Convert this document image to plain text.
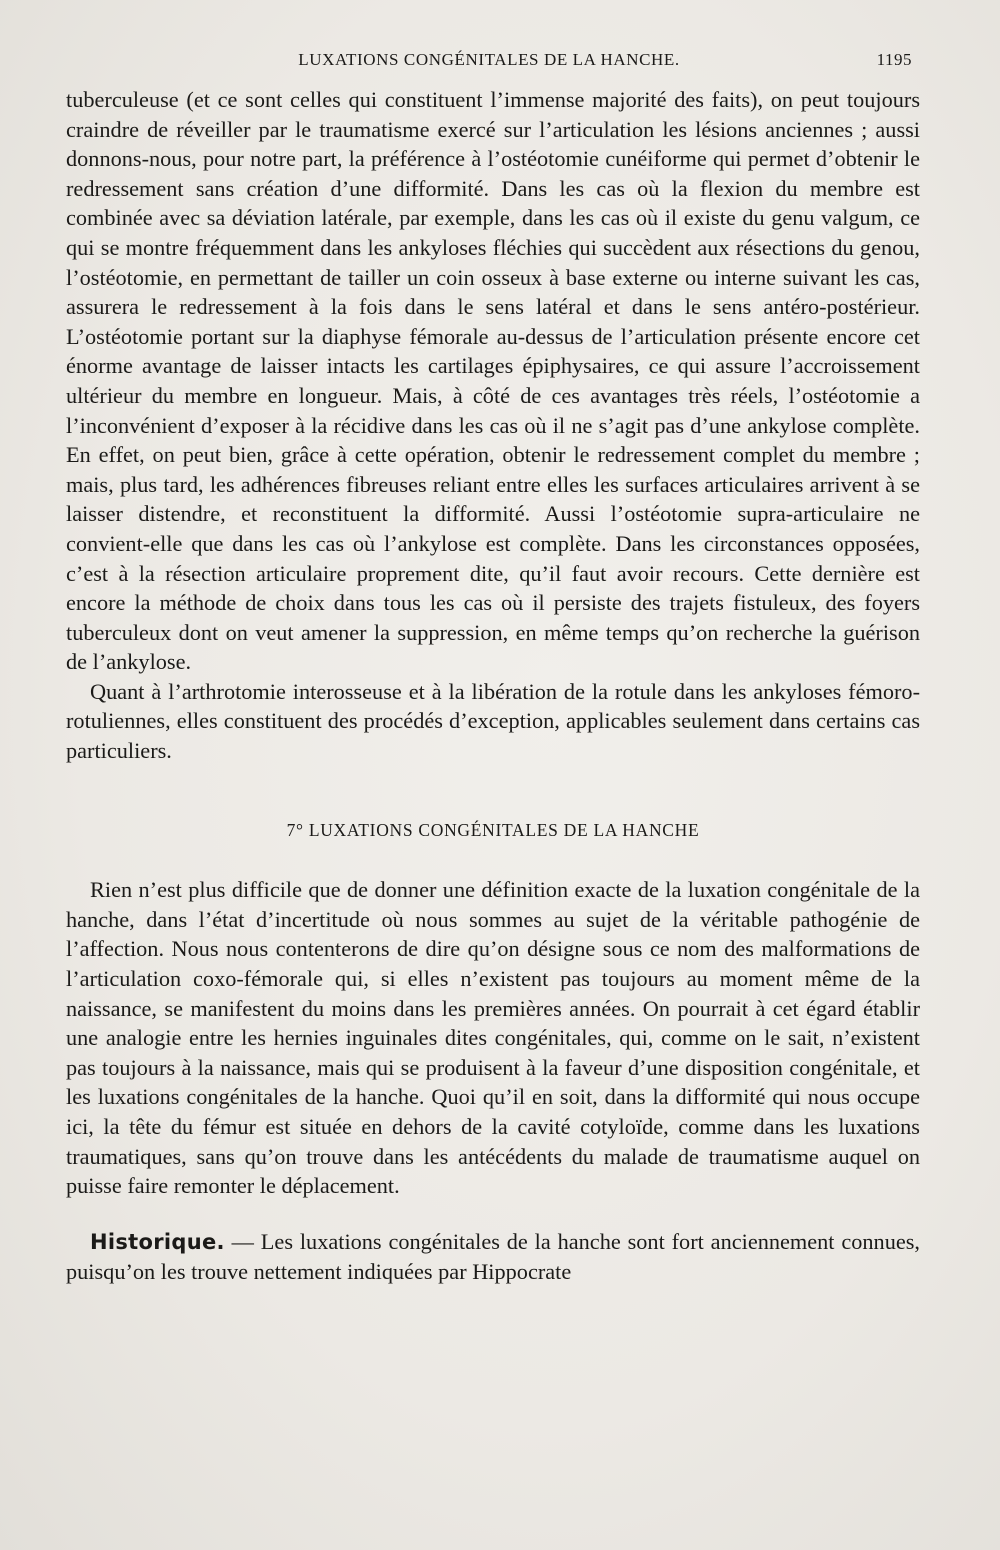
LUXATIONS CONGÉNITALES DE LA HANCHE.	1195

tuberculeuse (et ce sont celles qui constituent l’immense majorité des faits), on peut toujours craindre de réveiller par le traumatisme exercé sur l’articulation les lésions anciennes ; aussi donnons-nous, pour notre part, la préférence à l’ostéotomie cunéiforme qui permet d’obtenir le redressement sans création d’une difformité. Dans les cas où la flexion du membre est combinée avec sa déviation latérale, par exemple, dans les cas où il existe du genu valgum, ce qui se montre fréquemment dans les ankyloses fléchies qui succèdent aux résections du genou, l’ostéotomie, en permettant de tailler un coin osseux à base externe ou interne suivant les cas, assurera le redressement à la fois dans le sens latéral et dans le sens antéro-postérieur. L’ostéotomie portant sur la diaphyse fémorale au-dessus de l’articulation présente encore cet énorme avantage de laisser intacts les cartilages épiphysaires, ce qui assure l’accroissement ultérieur du membre en longueur. Mais, à côté de ces avantages très réels, l’ostéotomie a l’inconvénient d’exposer à la récidive dans les cas où il ne s’agit pas d’une ankylose complète. En effet, on peut bien, grâce à cette opération, obtenir le redressement complet du membre ; mais, plus tard, les adhérences fibreuses reliant entre elles les surfaces articulaires arrivent à se laisser distendre, et reconstituent la difformité. Aussi l’ostéotomie supra-articulaire ne convient-elle que dans les cas où l’ankylose est complète. Dans les circonstances opposées, c’est à la résection articulaire proprement dite, qu’il faut avoir recours. Cette dernière est encore la méthode de choix dans tous les cas où il persiste des trajets fistuleux, des foyers tuberculeux dont on veut amener la suppression, en même temps qu’on recherche la guérison de l’ankylose.

Quant à l’arthrotomie interosseuse et à la libération de la rotule dans les ankyloses fémoro-rotuliennes, elles constituent des procédés d’exception, applicables seulement dans certains cas particuliers.

7° LUXATIONS CONGÉNITALES DE LA HANCHE

Rien n’est plus difficile que de donner une définition exacte de la luxation congénitale de la hanche, dans l’état d’incertitude où nous sommes au sujet de la véritable pathogénie de l’affection. Nous nous contenterons de dire qu’on désigne sous ce nom des malformations de l’articulation coxo-fémorale qui, si elles n’existent pas toujours au moment même de la naissance, se manifestent du moins dans les premières années. On pourrait à cet égard établir une analogie entre les hernies inguinales dites congénitales, qui, comme on le sait, n’existent pas toujours à la naissance, mais qui se produisent à la faveur d’une disposition congénitale, et les luxations congénitales de la hanche. Quoi qu’il en soit, dans la difformité qui nous occupe ici, la tête du fémur est située en dehors de la cavité cotyloïde, comme dans les luxations traumatiques, sans qu’on trouve dans les antécédents du malade de traumatisme auquel on puisse faire remonter le déplacement.

Historique. — Les luxations congénitales de la hanche sont fort anciennement connues, puisqu’on les trouve nettement indiquées par Hippocrate
